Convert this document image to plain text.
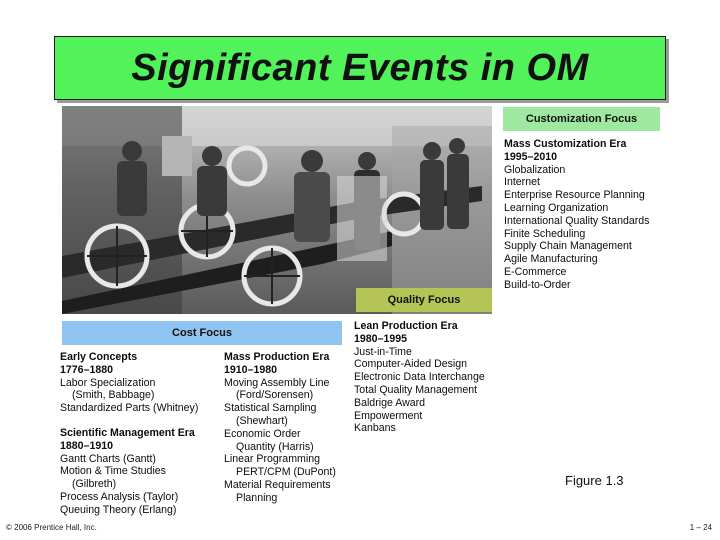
Significant Events in OM
Customization Focus
Quality Focus
Cost Focus
Mass Customization Era
1995–2010
Globalization
Internet
Enterprise Resource Planning
Learning Organization
International Quality Standards
Finite Scheduling
Supply Chain Management
Agile Manufacturing
E-Commerce
Build-to-Order
Lean Production Era
1980–1995
Just-in-Time
Computer-Aided Design
Electronic Data Interchange
Total Quality Management
Baldrige Award
Empowerment
Kanbans
Early Concepts
1776–1880
Labor Specialization
(Smith, Babbage)
Standardized Parts (Whitney)
Scientific Management Era
1880–1910
Gantt Charts (Gantt)
Motion & Time Studies
(Gilbreth)
Process Analysis (Taylor)
Queuing Theory (Erlang)
Mass Production Era
1910–1980
Moving Assembly Line
(Ford/Sorensen)
Statistical Sampling
(Shewhart)
Economic Order
Quantity (Harris)
Linear Programming
PERT/CPM (DuPont)
Material Requirements
Planning
Figure 1.3
© 2006 Prentice Hall, Inc.	1 – 24
